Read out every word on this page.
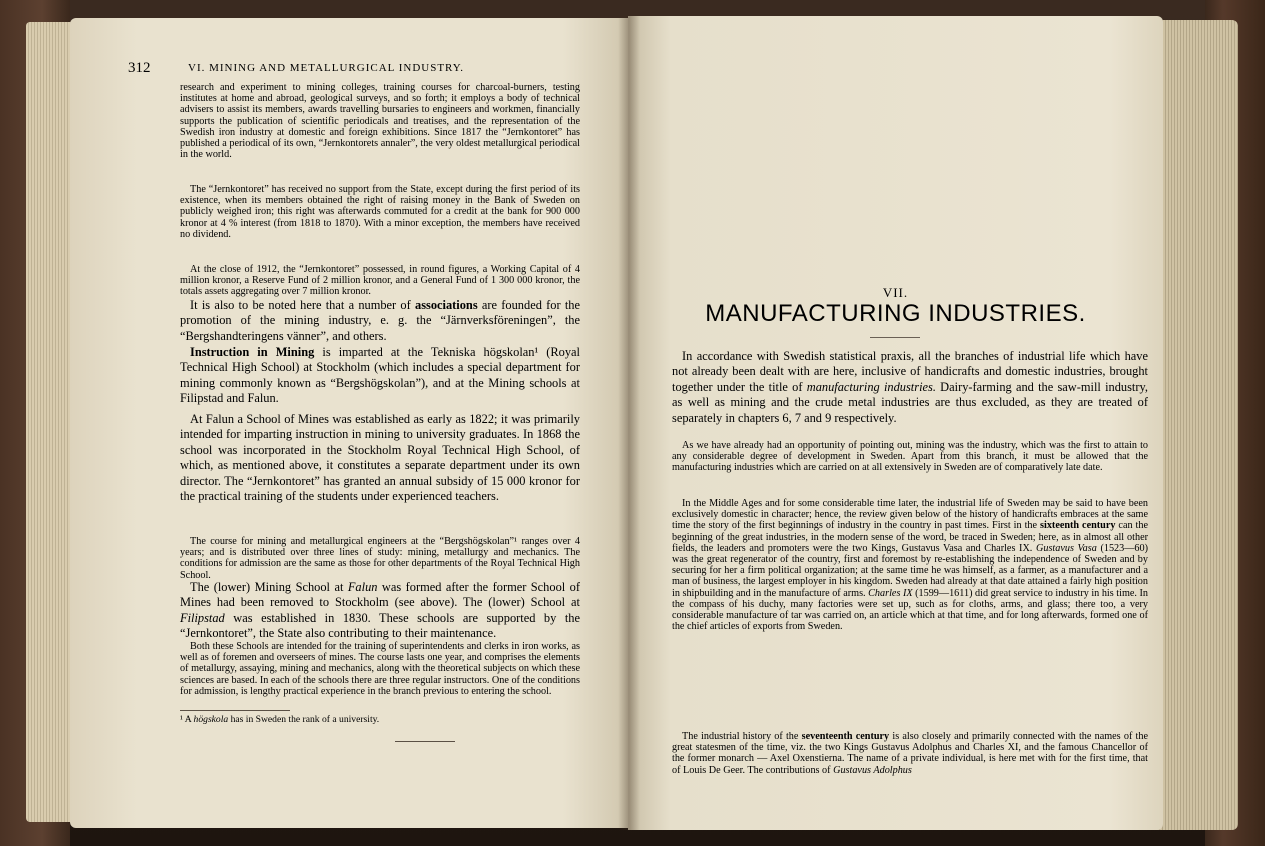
312	VI. MINING AND METALLURGICAL INDUSTRY.

research and experiment to mining colleges, training courses for charcoal-burners, testing institutes at home and abroad, geological surveys, and so forth; it employs a body of technical advisers to assist its members, awards travelling bursaries to engineers and workmen, financially supports the publication of scientific periodicals and treatises, and the representation of the Swedish iron industry at domestic and foreign exhibitions. Since 1817 the “Jernkontoret” has published a periodical of its own, “Jernkontorets annaler”, the very oldest metallurgical periodical in the world.

The “Jernkontoret” has received no support from the State, except during the first period of its existence, when its members obtained the right of raising money in the Bank of Sweden on publicly weighed iron; this right was afterwards commuted for a credit at the bank for 900 000 kronor at 4 % interest (from 1818 to 1870). With a minor exception, the members have received no dividend.

At the close of 1912, the “Jernkontoret” possessed, in round figures, a Working Capital of 4 million kronor, a Reserve Fund of 2 million kronor, and a General Fund of 1 300 000 kronor, the totals assets aggregating over 7 million kronor.

It is also to be noted here that a number of associations are founded for the promotion of the mining industry, e. g. the “Järnverksföreningen”, the “Bergshandteringens vänner”, and others.

Instruction in Mining is imparted at the Tekniska högskolan¹ (Royal Technical High School) at Stockholm (which includes a special department for mining commonly known as “Bergshögskolan”), and at the Mining schools at Filipstad and Falun.

At Falun a School of Mines was established as early as 1822; it was primarily intended for imparting instruction in mining to university graduates. In 1868 the school was incorporated in the Stockholm Royal Technical High School, of which, as mentioned above, it constitutes a separate department under its own director. The “Jernkontoret” has granted an annual subsidy of 15 000 kronor for the practical training of the students under experienced teachers.

The course for mining and metallurgical engineers at the “Bergshögskolan”¹ ranges over 4 years; and is distributed over three lines of study: mining, metallurgy and mechanics. The conditions for admission are the same as those for other departments of the Royal Technical High School.

The (lower) Mining School at Falun was formed after the former School of Mines had been removed to Stockholm (see above). The (lower) School at Filipstad was established in 1830. These schools are supported by the “Jernkontoret”, the State also contributing to their maintenance.

Both these Schools are intended for the training of superintendents and clerks in iron works, as well as of foremen and overseers of mines. The course lasts one year, and comprises the elements of metallurgy, assaying, mining and mechanics, along with the theoretical subjects on which these sciences are based. In each of the schools there are three regular instructors. One of the conditions for admission, is lengthy practical experience in the branch previous to entering the school.

¹ A högskola has in Sweden the rank of a university.
VII.
MANUFACTURING INDUSTRIES.

In accordance with Swedish statistical praxis, all the branches of industrial life which have not already been dealt with are here, inclusive of handicrafts and domestic industries, brought together under the title of manufacturing industries. Dairy-farming and the saw-mill industry, as well as mining and the crude metal industries are thus excluded, as they are treated of separately in chapters 6, 7 and 9 respectively.

As we have already had an opportunity of pointing out, mining was the industry, which was the first to attain to any considerable degree of development in Sweden. Apart from this branch, it must be allowed that the manufacturing industries which are carried on at all extensively in Sweden are of comparatively late date.

In the Middle Ages and for some considerable time later, the industrial life of Sweden may be said to have been exclusively domestic in character; hence, the review given below of the history of handicrafts embraces at the same time the story of the first beginnings of industry in the country in past times. First in the sixteenth century can the beginning of the great industries, in the modern sense of the word, be traced in Sweden; here, as in almost all other fields, the leaders and promoters were the two Kings, Gustavus Vasa and Charles IX. Gustavus Vasa (1523—60) was the great regenerator of the country, first and foremost by re-establishing the independence of Sweden and by securing for her a firm political organization; at the same time he was himself, as a farmer, as a manufacturer and a man of business, the largest employer in his kingdom. Sweden had already at that date attained a fairly high position in shipbuilding and in the manufacture of arms. Charles IX (1599—1611) did great service to industry in his time. In the compass of his duchy, many factories were set up, such as for cloths, arms, and glass; there too, a very considerable manufacture of tar was carried on, an article which at that time, and for long afterwards, formed one of the chief articles of exports from Sweden.

The industrial history of the seventeenth century is also closely and primarily connected with the names of the great statesmen of the time, viz. the two Kings Gustavus Adolphus and Charles XI, and the famous Chancellor of the former monarch — Axel Oxenstierna. The name of a private individual, is here met with for the first time, that of Louis De Geer. The contributions of Gustavus Adolphus
